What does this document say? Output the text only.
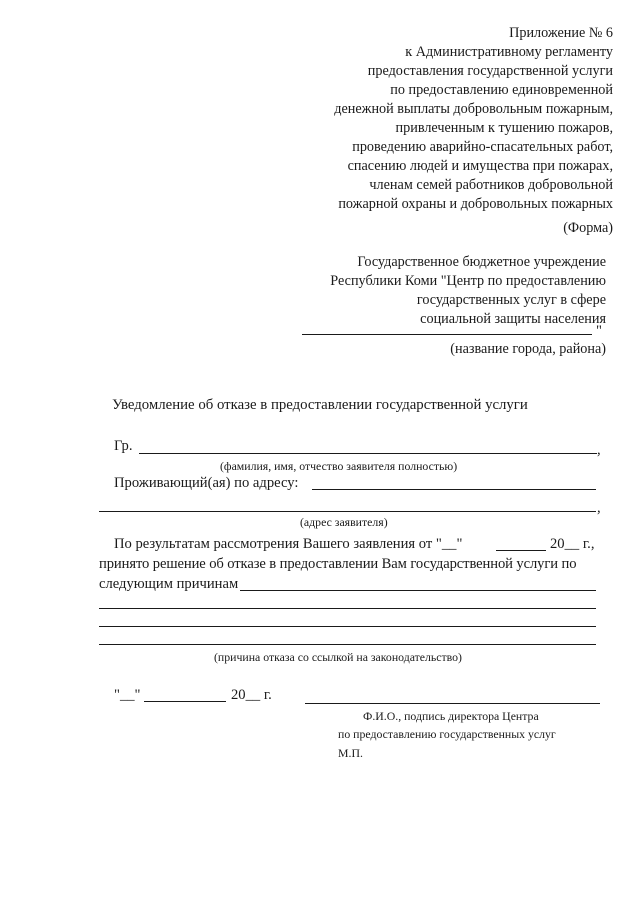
Приложение № 6
к Административному регламенту
предоставления государственной услуги
по предоставлению единовременной
денежной выплаты добровольным пожарным,
привлеченным к тушению пожаров,
проведению аварийно-спасательных работ,
спасению людей и имущества при пожарах,
членам семей работников добровольной
пожарной охраны и добровольных пожарных
(Форма)
Государственное бюджетное учреждение
Республики Коми "Центр по предоставлению
государственных услуг в сфере
социальной защиты населения
"
(название города, района)
Уведомление об отказе в предоставлении государственной услуги
Гр.	,
(фамилия, имя, отчество заявителя полностью)
Проживающий(ая) по адресу:
,
(адрес заявителя)
По результатам рассмотрения Вашего заявления от "__"	20__ г.,
принято решение об отказе в предоставлении Вам государственной услуги по
следующим причинам
(причина отказа со ссылкой на законодательство)
"__"	20__ г.
Ф.И.О., подпись директора Центра
по предоставлению государственных услуг
М.П.
